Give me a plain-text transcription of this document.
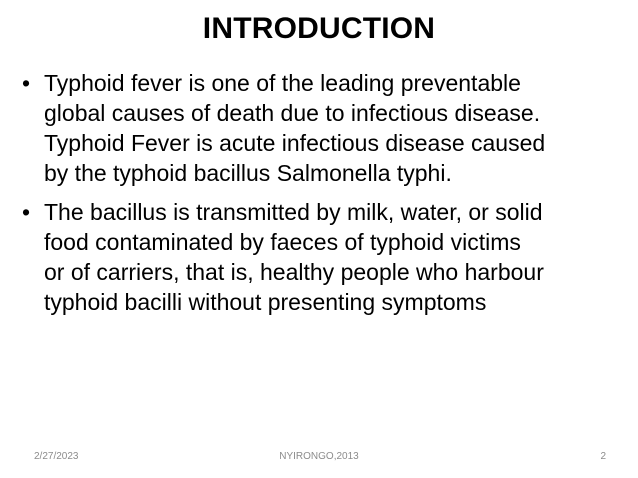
INTRODUCTION
• Typhoid fever is one of the leading preventable
global causes of death due to infectious disease.
Typhoid Fever is acute infectious disease caused
by the typhoid bacillus Salmonella typhi.
• The bacillus is transmitted by milk, water, or solid
food contaminated by faeces of typhoid victims
or of carriers, that is, healthy people who harbour
typhoid bacilli without presenting symptoms
2/27/2023	NYIRONGO,2013	2
